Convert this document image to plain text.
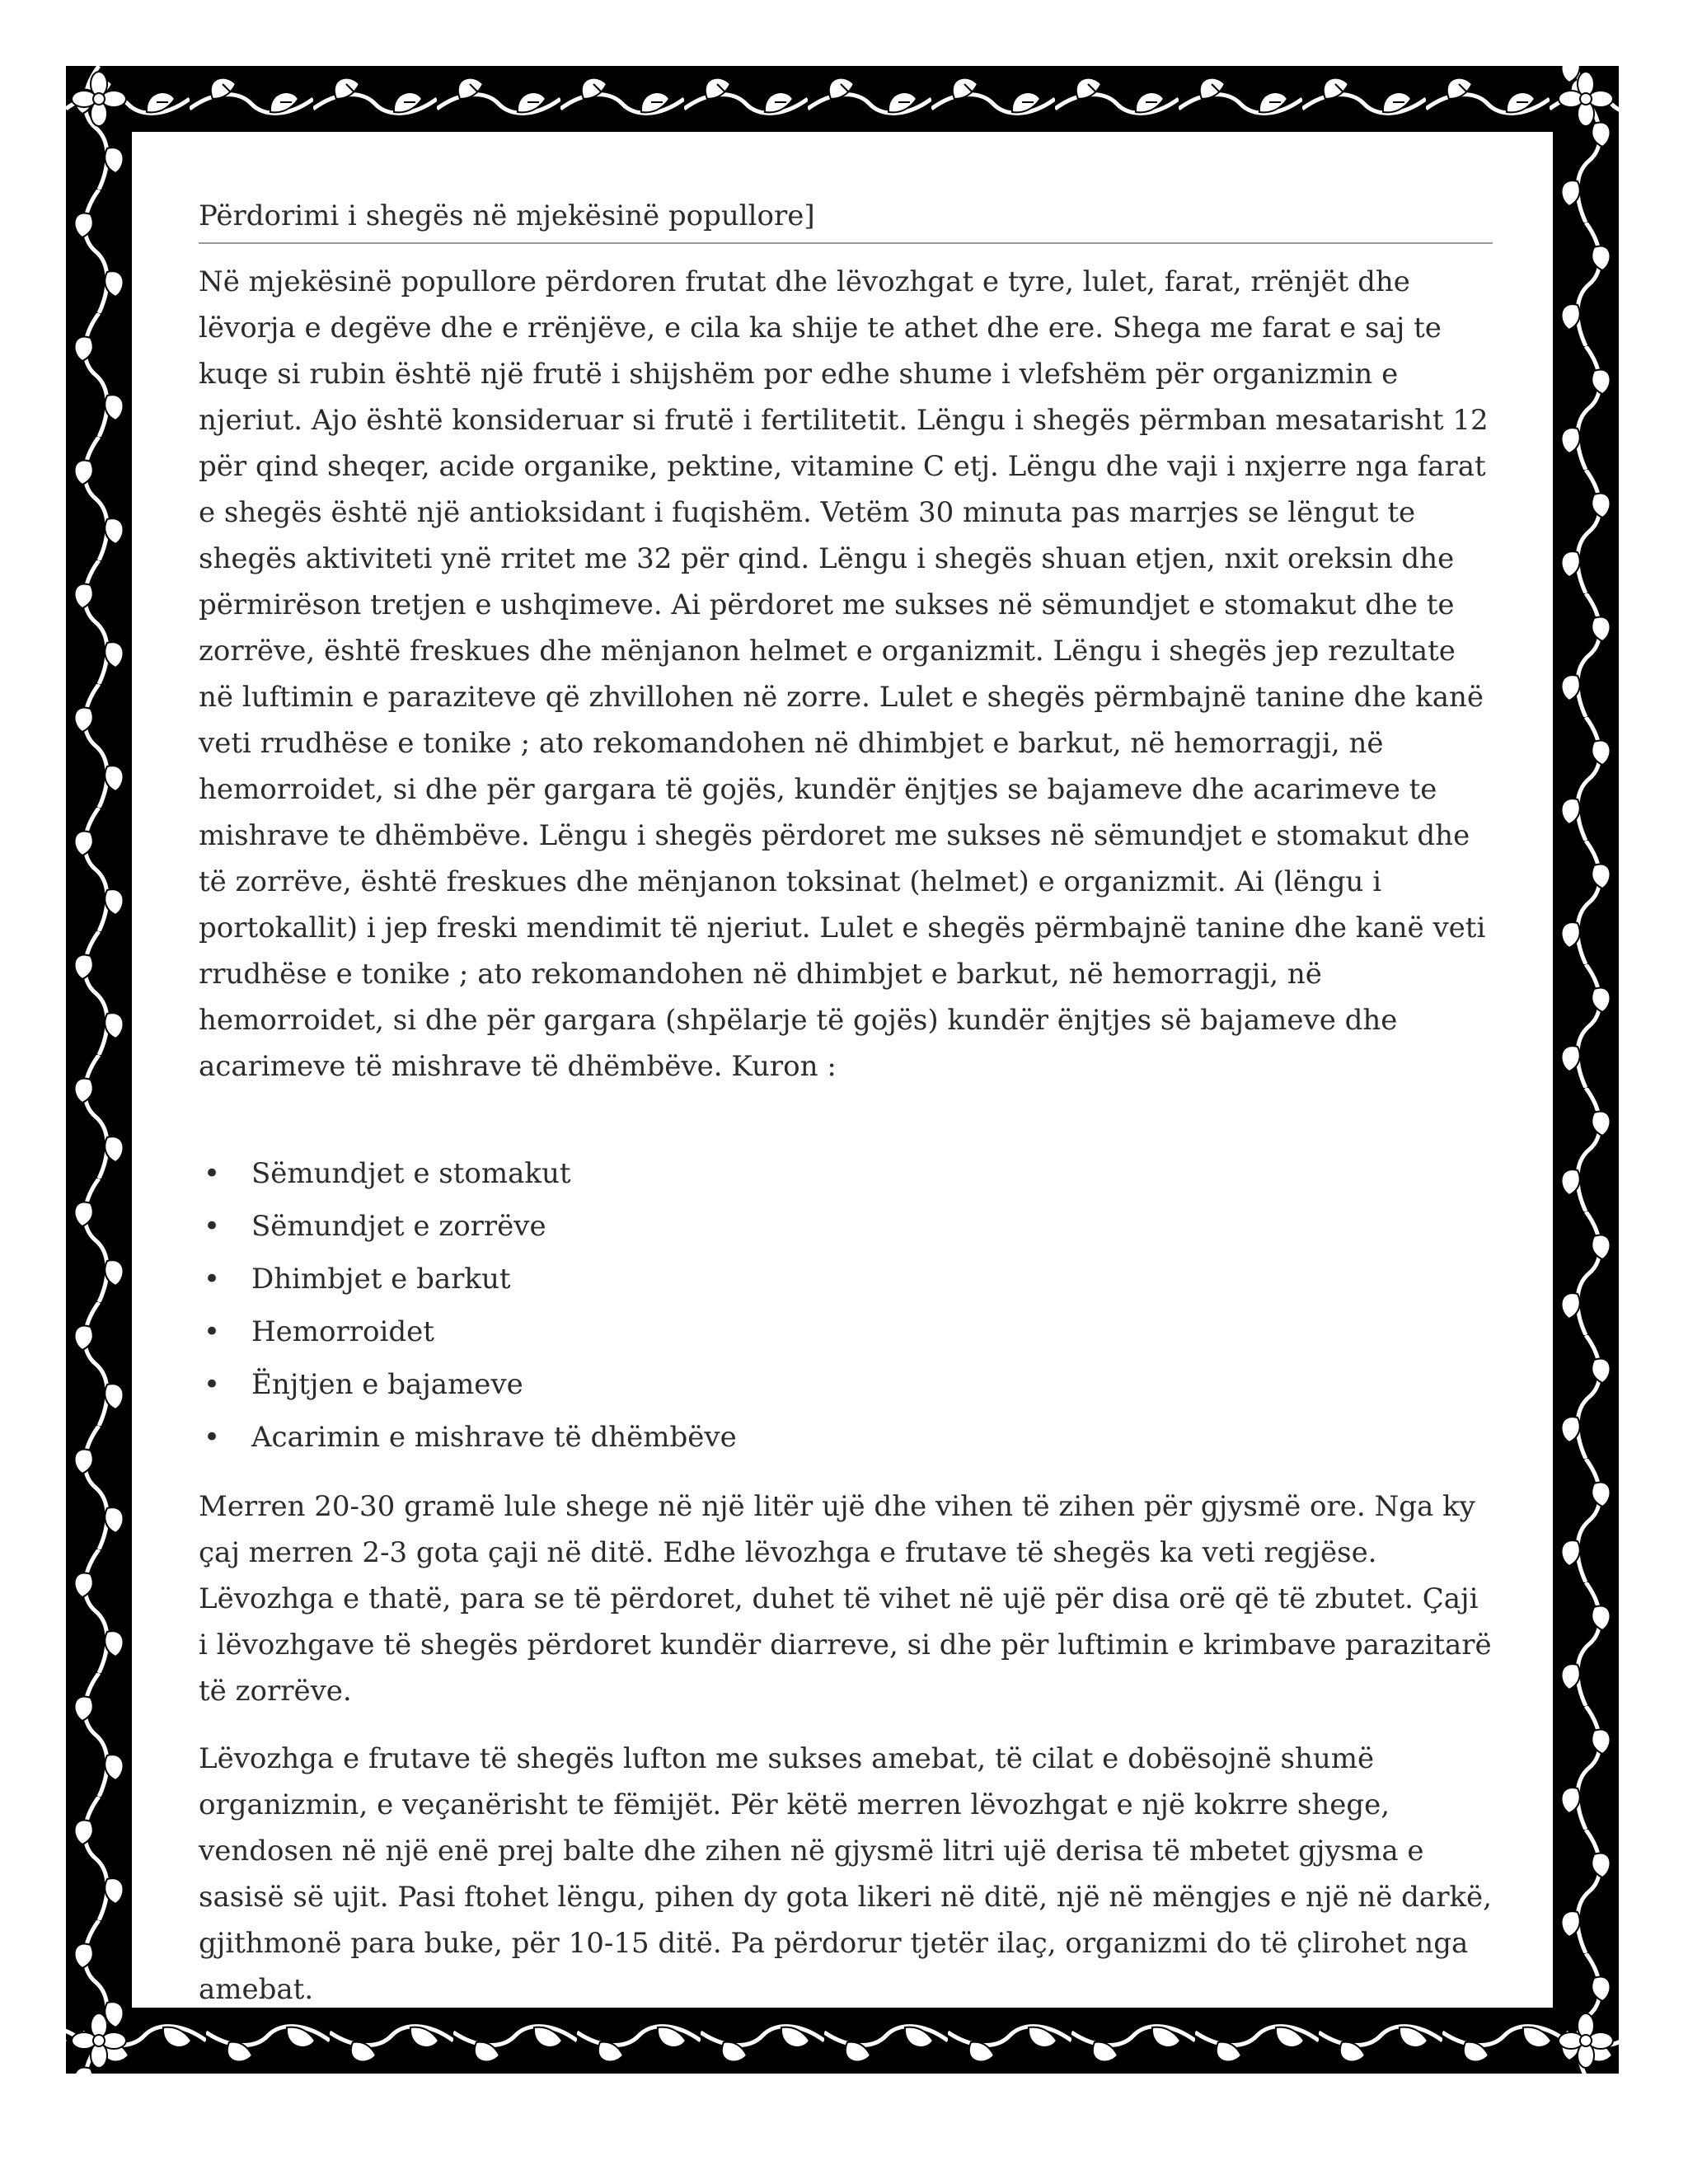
Përdorimi i shegës në mjekësinë popullore]

Në mjekësinë popullore përdoren frutat dhe lëvozhgat e tyre, lulet, farat, rrënjët dhe lëvorja e degëve dhe e rrënjëve, e cila ka shije te athet dhe ere. Shega me farat e saj te kuqe si rubin është një frutë i shijshëm por edhe shume i vlefshëm për organizmin e njeriut. Ajo është konsideruar si frutë i fertilitetit. Lëngu i shegës përmban mesatarisht 12 për qind sheqer, acide organike, pektine, vitamine C etj. Lëngu dhe vaji i nxjerre nga farat e shegës është një antioksidant i fuqishëm. Vetëm 30 minuta pas marrjes se lëngut te shegës aktiviteti ynë rritet me 32 për qind. Lëngu i shegës shuan etjen, nxit oreksin dhe përmirëson tretjen e ushqimeve. Ai përdoret me sukses në sëmundjet e stomakut dhe te zorrëve, është freskues dhe mënjanon helmet e organizmit. Lëngu i shegës jep rezultate në luftimin e paraziteve që zhvillohen në zorre. Lulet e shegës përmbajnë tanine dhe kanë veti rrudhëse e tonike ; ato rekomandohen në dhimbjet e barkut, në hemorragji, në hemorroidet, si dhe për gargara të gojës, kundër ënjtjes se bajameve dhe acarimeve te mishrave te dhëmbëve. Lëngu i shegës përdoret me sukses në sëmundjet e stomakut dhe të zorrëve, është freskues dhe mënjanon toksinat (helmet) e organizmit. Ai (lëngu i portokallit) i jep freski mendimit të njeriut. Lulet e shegës përmbajnë tanine dhe kanë veti rrudhëse e tonike ; ato rekomandohen në dhimbjet e barkut, në hemorragji, në hemorroidet, si dhe për gargara (shpëlarje të gojës) kundër ënjtjes së bajameve dhe acarimeve të mishrave të dhëmbëve. Kuron :

• Sëmundjet e stomakut
• Sëmundjet e zorrëve
• Dhimbjet e barkut
• Hemorroidet
• Ënjtjen e bajameve
• Acarimin e mishrave të dhëmbëve

Merren 20-30 gramë lule shege në një litër ujë dhe vihen të zihen për gjysmë ore. Nga ky çaj merren 2-3 gota çaji në ditë. Edhe lëvozhga e frutave të shegës ka veti regjëse. Lëvozhga e thatë, para se të përdoret, duhet të vihet në ujë për disa orë që të zbutet. Çaji i lëvozhgave të shegës përdoret kundër diarreve, si dhe për luftimin e krimbave parazitarë të zorrëve.

Lëvozhga e frutave të shegës lufton me sukses amebat, të cilat e dobësojnë shumë organizmin, e veçanërisht te fëmijët. Për këtë merren lëvozhgat e një kokrre shege, vendosen në një enë prej balte dhe zihen në gjysmë litri ujë derisa të mbetet gjysma e sasisë së ujit. Pasi ftohet lëngu, pihen dy gota likeri në ditë, një në mëngjes e një në darkë, gjithmonë para buke, për 10-15 ditë. Pa përdorur tjetër ilaç, organizmi do të çlirohet nga amebat.
